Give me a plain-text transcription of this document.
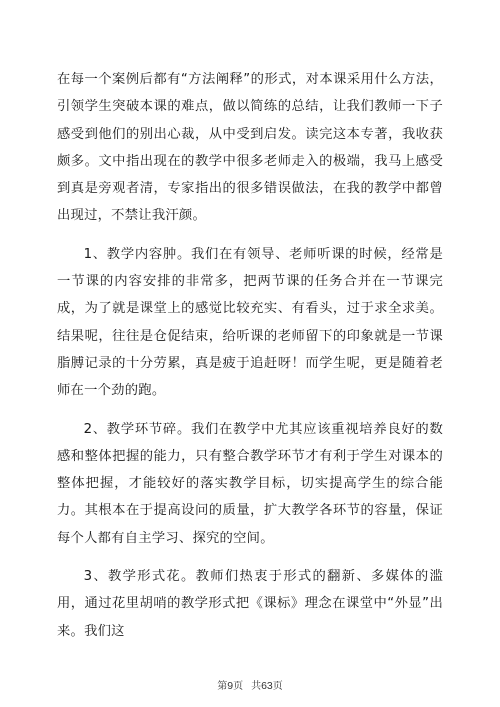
在每一个案例后都有“方法阐释”的形式，对本课采用什么方法，引领学生突破本课的难点，做以简练的总结，让我们教师一下子感受到他们的别出心裁，从中受到启发。读完这本专著，我收获颇多。文中指出现在的教学中很多老师走入的极端，我马上感受到真是旁观者清，专家指出的很多错误做法，在我的教学中都曾出现过，不禁让我汗颜。

1、教学内容肿。我们在有领导、老师听课的时候，经常是一节课的内容安排的非常多，把两节课的任务合并在一节课完成，为了就是课堂上的感觉比较充实、有看头，过于求全求美。结果呢，往往是仓促结束，给听课的老师留下的印象就是一节课脂膊记录的十分劳累，真是疲于追赶呀！而学生呢，更是随着老师在一个劲的跑。

2、教学环节碎。我们在教学中尤其应该重视培养良好的数感和整体把握的能力，只有整合教学环节才有利于学生对课本的整体把握，才能较好的落实教学目标，切实提高学生的综合能力。其根本在于提高设问的质量，扩大教学各环节的容量，保证每个人都有自主学习、探究的空间。

3、教学形式花。教师们热衷于形式的翻新、多媒体的滥用，通过花里胡哨的教学形式把《课标》理念在课堂中“外显”出来。我们这

第9页 共63页
